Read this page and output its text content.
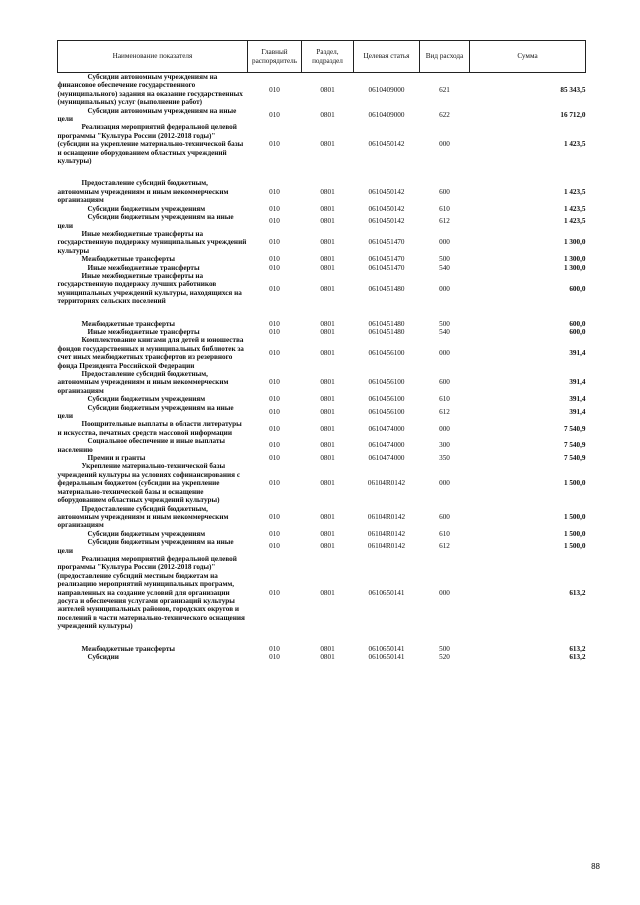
Наименование показателя	Главный распорядитель	Раздел, подраздел	Целевая статья	Вид расхода	Сумма

Субсидии автономным учреждениям на финансовое обеспечение государственного (муниципального) задания на оказание государственных (муниципальных) услуг (выполнение работ)	010	0801	0610409000	621	85 343,5

Субсидии автономным учреждениям на иные цели	010	0801	0610409000	622	16 712,0

Реализация мероприятий федеральной целевой программы "Культура России (2012-2018 годы)" (субсидии на укрепление материально-технической базы и оснащение оборудованием областных учреждений культуры)	010	0801	0610450142	000	1 423,5

Предоставление субсидий бюджетным, автономным учреждениям и иным некоммерческим организациям	010	0801	0610450142	600	1 423,5

Субсидии бюджетным учреждениям	010	0801	0610450142	610	1 423,5

Субсидии бюджетным учреждениям на иные цели	010	0801	0610450142	612	1 423,5

Иные межбюджетные трансферты на государственную поддержку муниципальных учреждений культуры	010	0801	0610451470	000	1 300,0

Межбюджетные трансферты	010	0801	0610451470	500	1 300,0

Иные межбюджетные трансферты	010	0801	0610451470	540	1 300,0

Иные межбюджетные трансферты на государственную поддержку лучших работников муниципальных учреждений культуры, находящихся на территориях сельских поселений	010	0801	0610451480	000	600,0

Межбюджетные трансферты	010	0801	0610451480	500	600,0

Иные межбюджетные трансферты	010	0801	0610451480	540	600,0

Комплектование книгами для детей и юношества фондов государственных и муниципальных библиотек за счет иных межбюджетных трансфертов из резервного фонда Президента Российской Федерации	010	0801	0610456100	000	391,4

Предоставление субсидий бюджетным, автономным учреждениям и иным некоммерческим организациям	010	0801	0610456100	600	391,4

Субсидии бюджетным учреждениям	010	0801	0610456100	610	391,4

Субсидии бюджетным учреждениям на иные цели	010	0801	0610456100	612	391,4

Поощрительные выплаты в области литературы и искусства, печатных средств массовой информации	010	0801	0610474000	000	7 540,9

Социальное обеспечение и иные выплаты населению	010	0801	0610474000	300	7 540,9

Премии и гранты	010	0801	0610474000	350	7 540,9

Укрепление материально-технической базы учреждений культуры на условиях софинансирования с федеральным бюджетом (субсидии на укрепление материально-технической базы и оснащение оборудованием областных учреждений культуры)	010	0801	06104R0142	000	1 500,0

Предоставление субсидий бюджетным, автономным учреждениям и иным некоммерческим организациям	010	0801	06104R0142	600	1 500,0

Субсидии бюджетным учреждениям	010	0801	06104R0142	610	1 500,0

Субсидии бюджетным учреждениям на иные цели	010	0801	06104R0142	612	1 500,0

Реализация мероприятий федеральной целевой программы "Культура России (2012-2018 годы)" (предоставление субсидий местным бюджетам на реализацию мероприятий муниципальных программ, направленных на создание условий для организации досуга и обеспечения услугами организаций культуры жителей муниципальных районов, городских округов и поселений в части материально-технического оснащения учреждений культуры)	010	0801	0610650141	000	613,2

Межбюджетные трансферты	010	0801	0610650141	500	613,2

Субсидии	010	0801	0610650141	520	613,2
88
